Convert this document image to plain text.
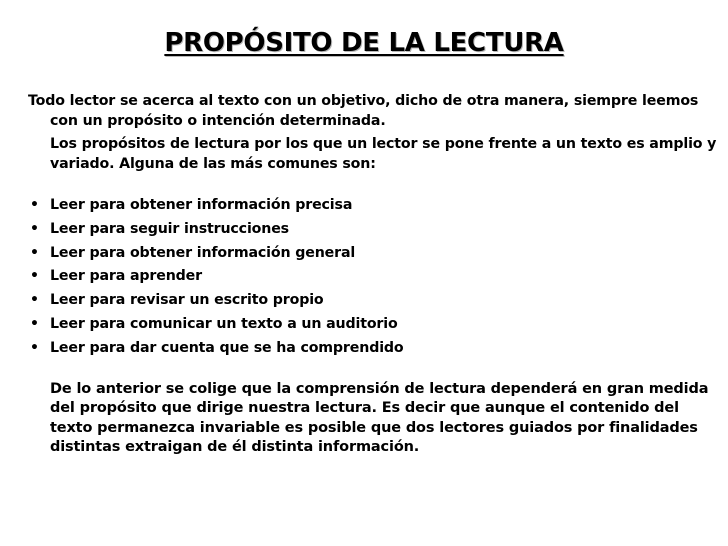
PROPÓSITO DE LA LECTURA

Todo lector se acerca al texto con un objetivo, dicho de otra manera, siempre leemos con un propósito o intención determinada.

Los propósitos de lectura por los que un lector se pone frente a un texto es amplio y variado. Alguna de las más comunes son:

• Leer para obtener información precisa
• Leer para seguir instrucciones
• Leer para obtener información general
• Leer para aprender
• Leer para revisar un escrito propio
• Leer para comunicar un texto a un auditorio
• Leer para dar cuenta que se ha comprendido

De lo anterior se colige que la comprensión de lectura dependerá en gran medida del propósito que dirige nuestra lectura. Es decir que aunque el contenido del texto permanezca invariable es posible que dos lectores guiados por finalidades distintas extraigan de él distinta información.
